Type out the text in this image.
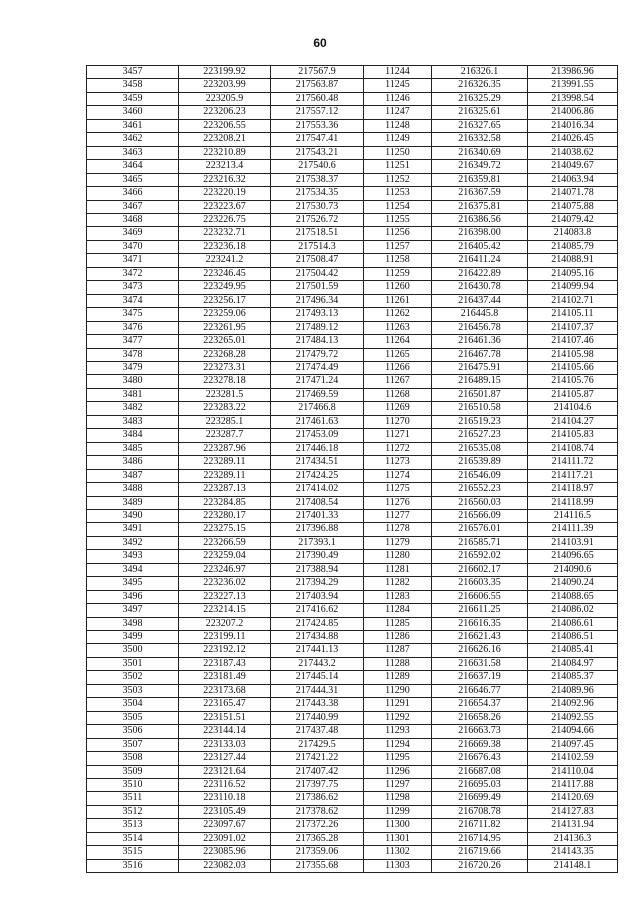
60
3457	223199.92	217567.9	11244	216326.1	213986.96
3458	223203.99	217563.87	11245	216326.35	213991.55
3459	223205.9	217560.48	11246	216325.29	213998.54
3460	223206.23	217557.12	11247	216325.61	214006.86
3461	223206.55	217553.36	11248	216327.65	214016.34
3462	223208.21	217547.41	11249	216332.58	214026.45
3463	223210.89	217543.21	11250	216340.69	214038.62
3464	223213.4	217540.6	11251	216349.72	214049.67
3465	223216.32	217538.37	11252	216359.81	214063.94
3466	223220.19	217534.35	11253	216367.59	214071.78
3467	223223.67	217530.73	11254	216375.81	214075.88
3468	223226.75	217526.72	11255	216386.56	214079.42
3469	223232.71	217518.51	11256	216398.00	214083.8
3470	223236.18	217514.3	11257	216405.42	214085.79
3471	223241.2	217508.47	11258	216411.24	214088.91
3472	223246.45	217504.42	11259	216422.89	214095.16
3473	223249.95	217501.59	11260	216430.78	214099.94
3474	223256.17	217496.34	11261	216437.44	214102.71
3475	223259.06	217493.13	11262	216445.8	214105.11
3476	223261.95	217489.12	11263	216456.78	214107.37
3477	223265.01	217484.13	11264	216461.36	214107.46
3478	223268.28	217479.72	11265	216467.78	214105.98
3479	223273.31	217474.49	11266	216475.91	214105.66
3480	223278.18	217471.24	11267	216489.15	214105.76
3481	223281.5	217469.59	11268	216501.87	214105.87
3482	223283.22	217466.8	11269	216510.58	214104.6
3483	223285.1	217461.63	11270	216519.23	214104.27
3484	223287.7	217453.09	11271	216527.23	214105.83
3485	223287.96	217446.18	11272	216535.08	214108.74
3486	223289.11	217434.51	11273	216539.89	214111.72
3487	223289.11	217424.25	11274	216546.09	214117.21
3488	223287.13	217414.02	11275	216552.23	214118.97
3489	223284.85	217408.54	11276	216560.03	214118.99
3490	223280.17	217401.33	11277	216566.09	214116.5
3491	223275.15	217396.88	11278	216576.01	214111.39
3492	223266.59	217393.1	11279	216585.71	214103.91
3493	223259.04	217390.49	11280	216592.02	214096.65
3494	223246.97	217388.94	11281	216602.17	214090.6
3495	223236.02	217394.29	11282	216603.35	214090.24
3496	223227.13	217403.94	11283	216606.55	214088.65
3497	223214.15	217416.62	11284	216611.25	214086.02
3498	223207.2	217424.85	11285	216616.35	214086.61
3499	223199.11	217434.88	11286	216621.43	214086.51
3500	223192.12	217441.13	11287	216626.16	214085.41
3501	223187.43	217443.2	11288	216631.58	214084.97
3502	223181.49	217445.14	11289	216637.19	214085.37
3503	223173.68	217444.31	11290	216646.77	214089.96
3504	223165.47	217443.38	11291	216654.37	214092.96
3505	223151.51	217440.99	11292	216658.26	214092.55
3506	223144.14	217437.48	11293	216663.73	214094.66
3507	223133.03	217429.5	11294	216669.38	214097.45
3508	223127.44	217421.22	11295	216676.43	214102.59
3509	223121.64	217407.42	11296	216687.08	214110.04
3510	223116.52	217397.75	11297	216695.03	214117.88
3511	223110.18	217386.62	11298	216699.49	214120.69
3512	223105.49	217378.62	11299	216708.78	214127.83
3513	223097.67	217372.26	11300	216711.82	214131.94
3514	223091.02	217365.28	11301	216714.95	214136.3
3515	223085.96	217359.06	11302	216719.66	214143.35
3516	223082.03	217355.68	11303	216720.26	214148.1
